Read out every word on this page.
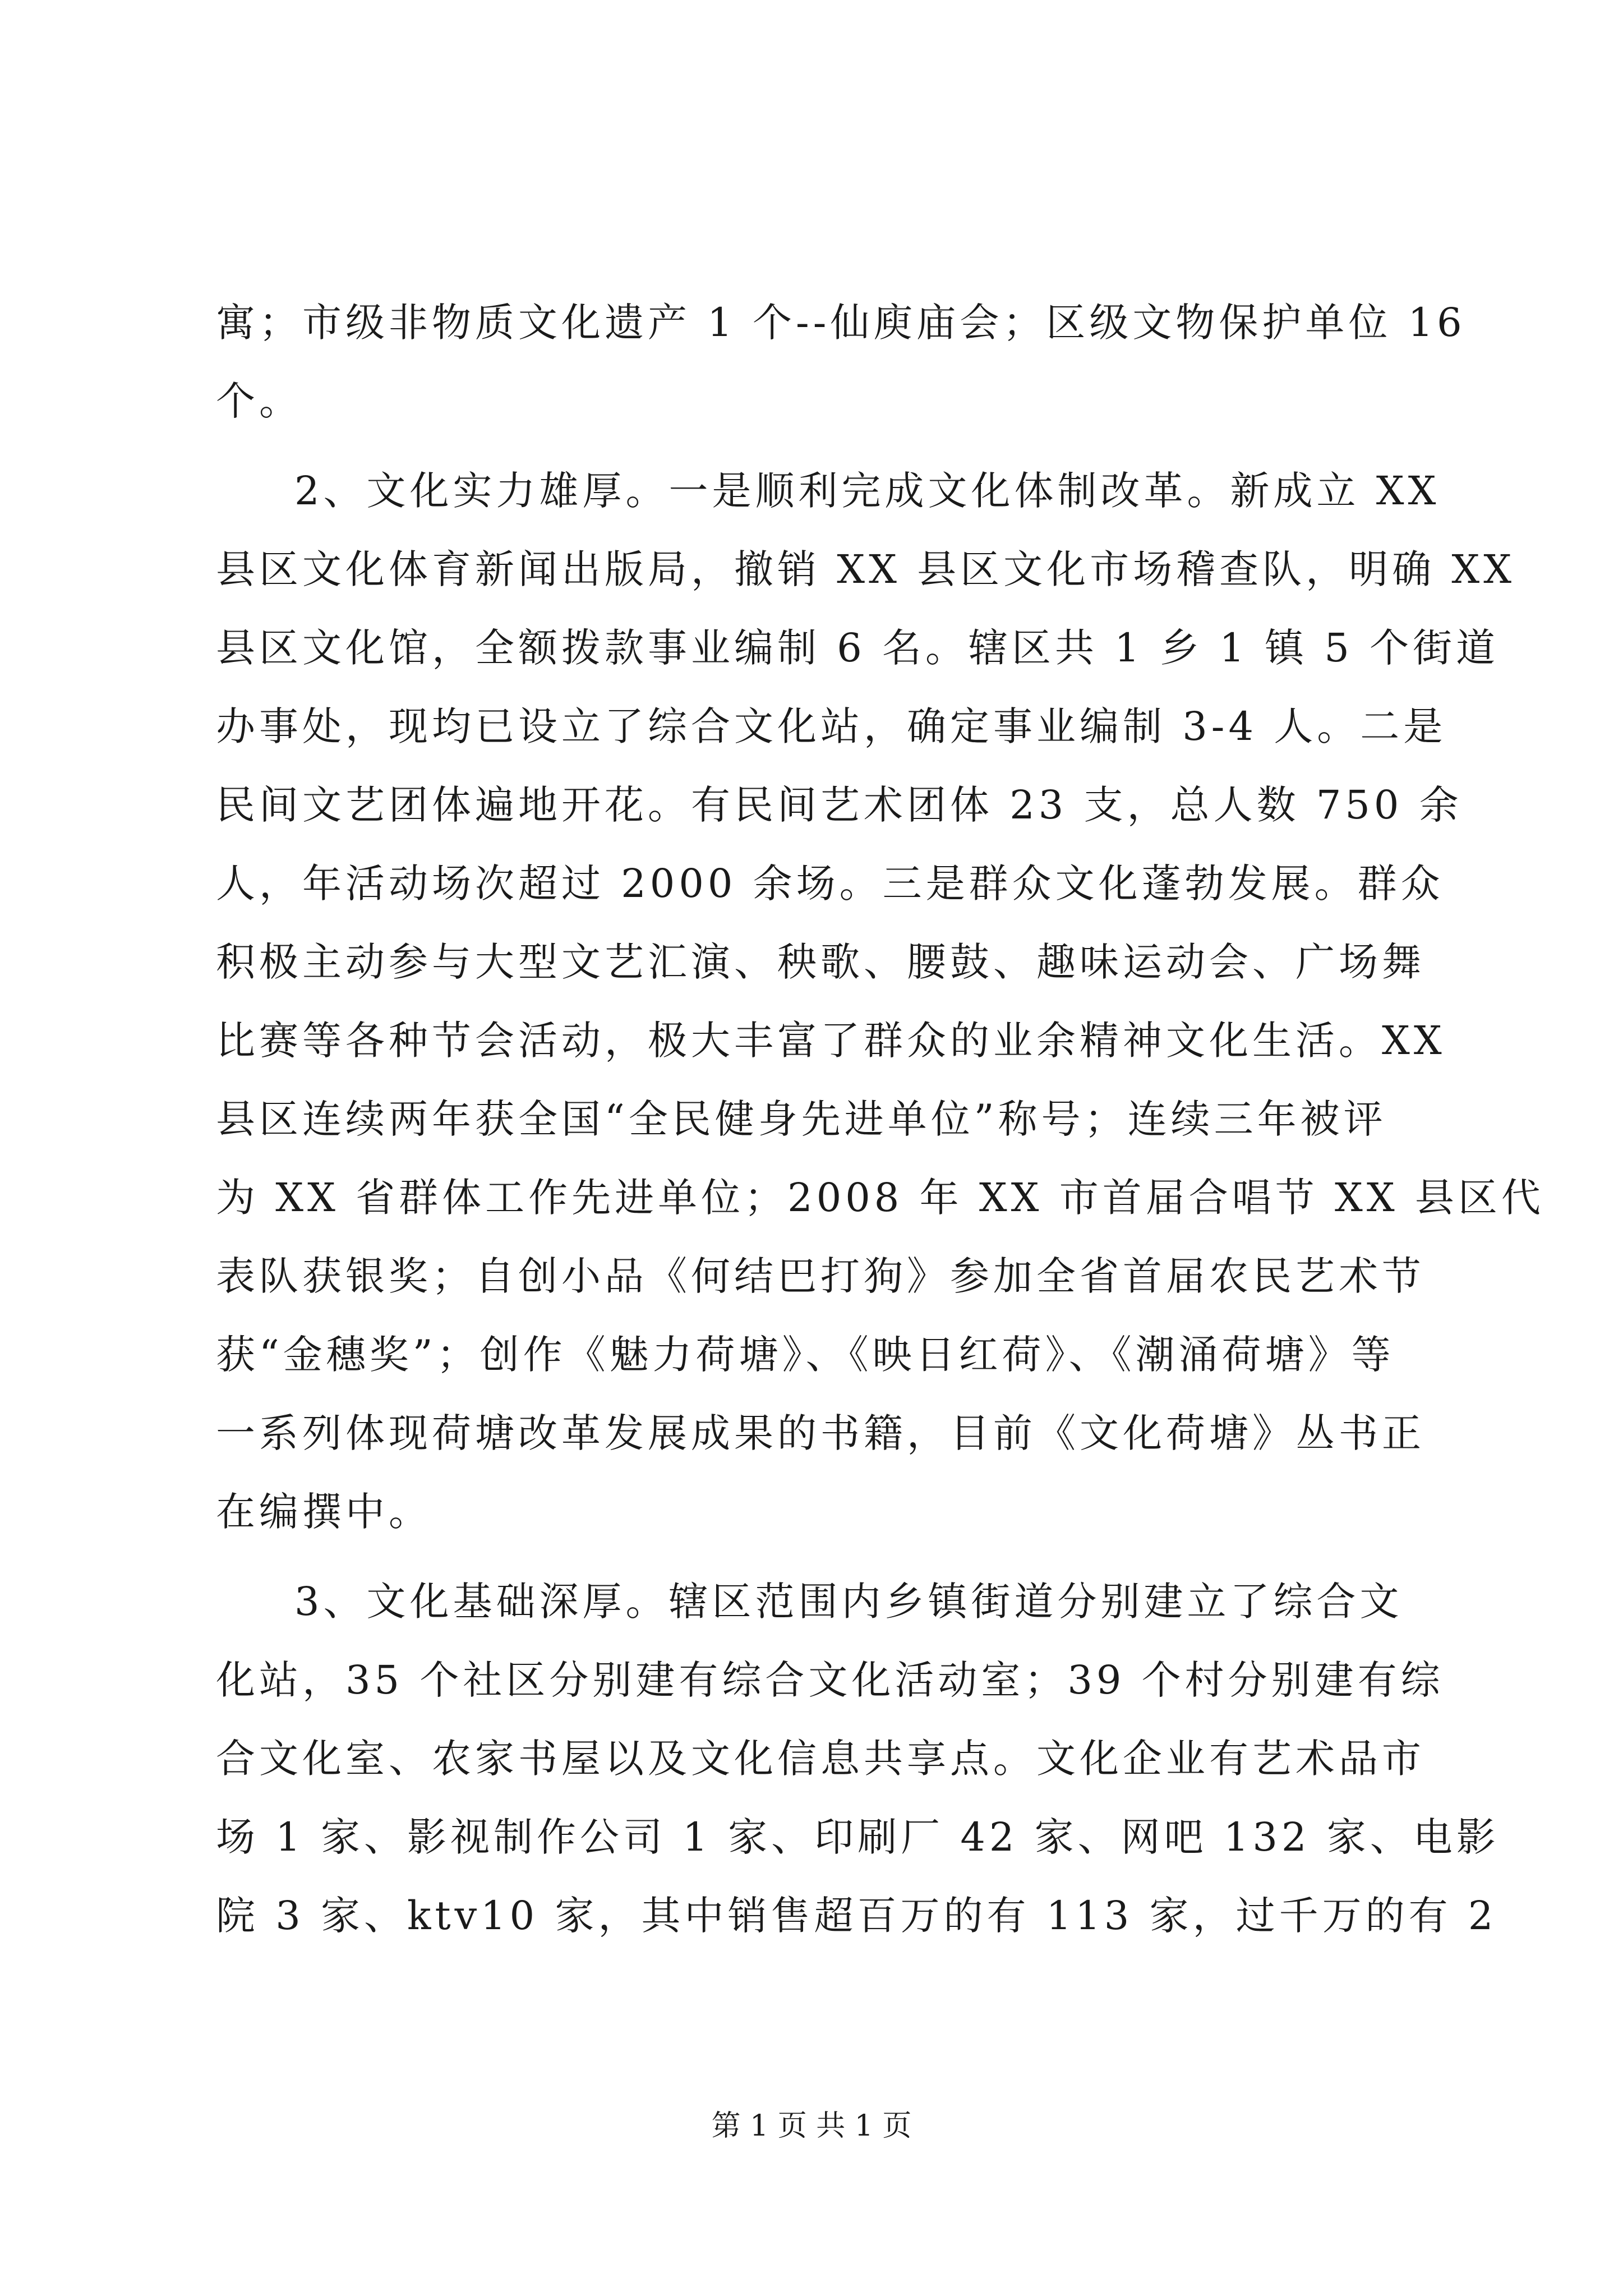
寓；市级非物质文化遗产 1 个--仙庾庙会；区级文物保护单位 16
个。
2、文化实力雄厚。一是顺利完成文化体制改革。新成立 XX
县区文化体育新闻出版局，撤销 XX 县区文化市场稽查队，明确 XX
县区文化馆，全额拨款事业编制 6 名。辖区共 1 乡 1 镇 5 个街道
办事处，现均已设立了综合文化站，确定事业编制 3-4 人。二是
民间文艺团体遍地开花。有民间艺术团体 23 支，总人数 750 余
人，年活动场次超过 2000 余场。三是群众文化蓬勃发展。群众
积极主动参与大型文艺汇演、秧歌、腰鼓、趣味运动会、广场舞
比赛等各种节会活动，极大丰富了群众的业余精神文化生活。XX
县区连续两年获全国“全民健身先进单位”称号；连续三年被评
为 XX 省群体工作先进单位；2008 年 XX 市首届合唱节 XX 县区代
表队获银奖；自创小品《何结巴打狗》参加全省首届农民艺术节
获“金穗奖”；创作《魅力荷塘》、《映日红荷》、《潮涌荷塘》等
一系列体现荷塘改革发展成果的书籍，目前《文化荷塘》丛书正
在编撰中。
3、文化基础深厚。辖区范围内乡镇街道分别建立了综合文
化站，35 个社区分别建有综合文化活动室；39 个村分别建有综
合文化室、农家书屋以及文化信息共享点。文化企业有艺术品市
场 1 家、影视制作公司 1 家、印刷厂 42 家、网吧 132 家、电影
院 3 家、ktv10 家，其中销售超百万的有 113 家，过千万的有 2
第 1 页 共 1 页
